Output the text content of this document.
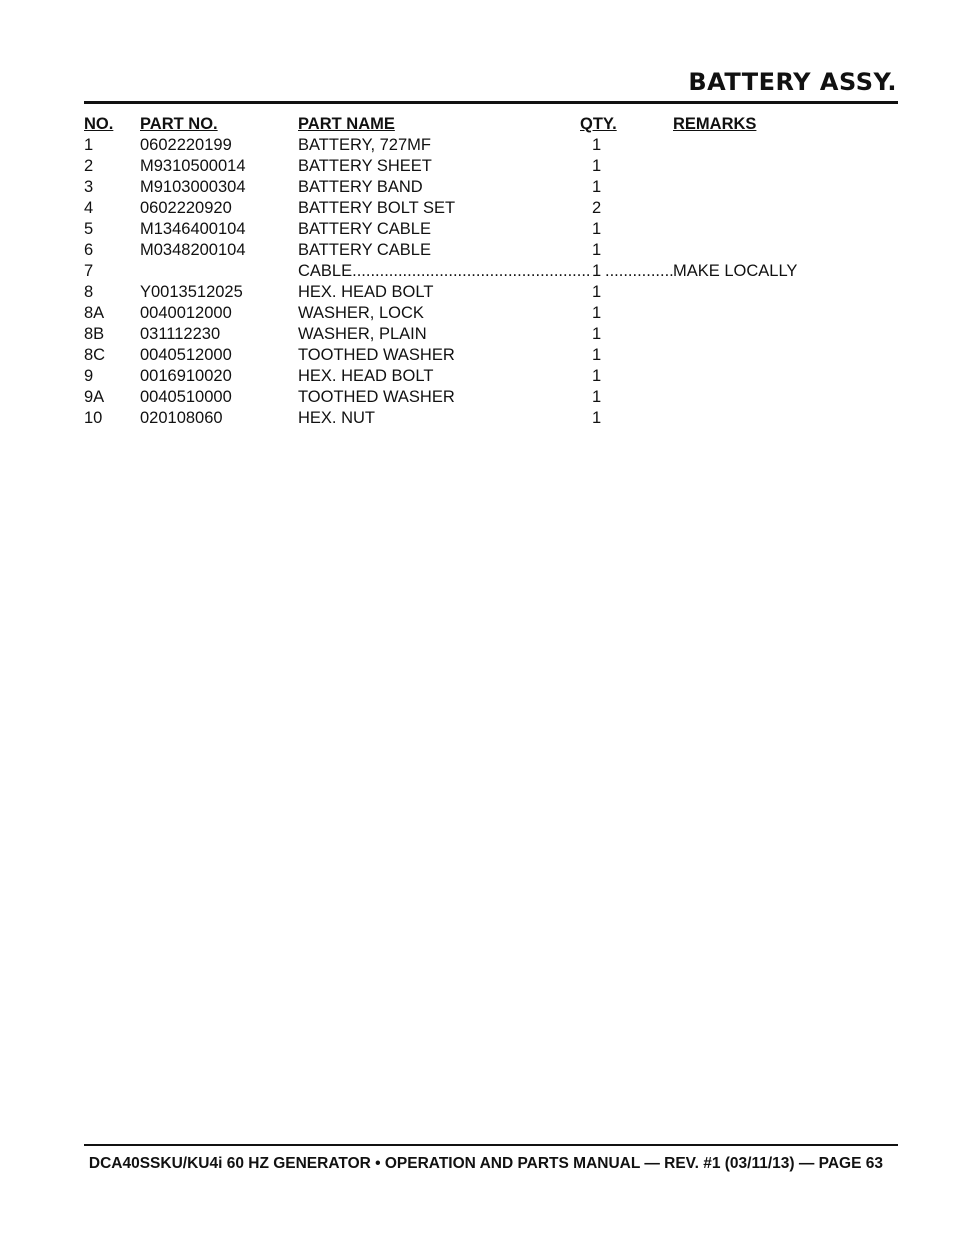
BATTERY ASSY.
NO. PART NO.	PART NAME	QTY.	REMARKS
1	0602220199	BATTERY, 727MF	1
2	M9310500014	BATTERY SHEET	1
3	M9103000304	BATTERY BAND	1
4	0602220920	BATTERY BOLT SET	2
5	M1346400104	BATTERY CABLE	1
6	M0348200104	BATTERY CABLE	1
7	CABLE .....	1
.....	MAKE LOCALLY
8	Y0013512025	HEX. HEAD BOLT	1
8A 0040012000	WASHER, LOCK	1
8B 031112230	WASHER, PLAIN	1
8C 0040512000	TOOTHED WASHER	1
9	0016910020	HEX. HEAD BOLT	1
9A 0040510000	TOOTHED WASHER	1
10 020108060	HEX. NUT	1
DCA40SSKU/KU4i 60 HZ GENERATOR • OPERATION AND PARTS MANUAL — REV. #1 (03/11/13) — PAGE 63
